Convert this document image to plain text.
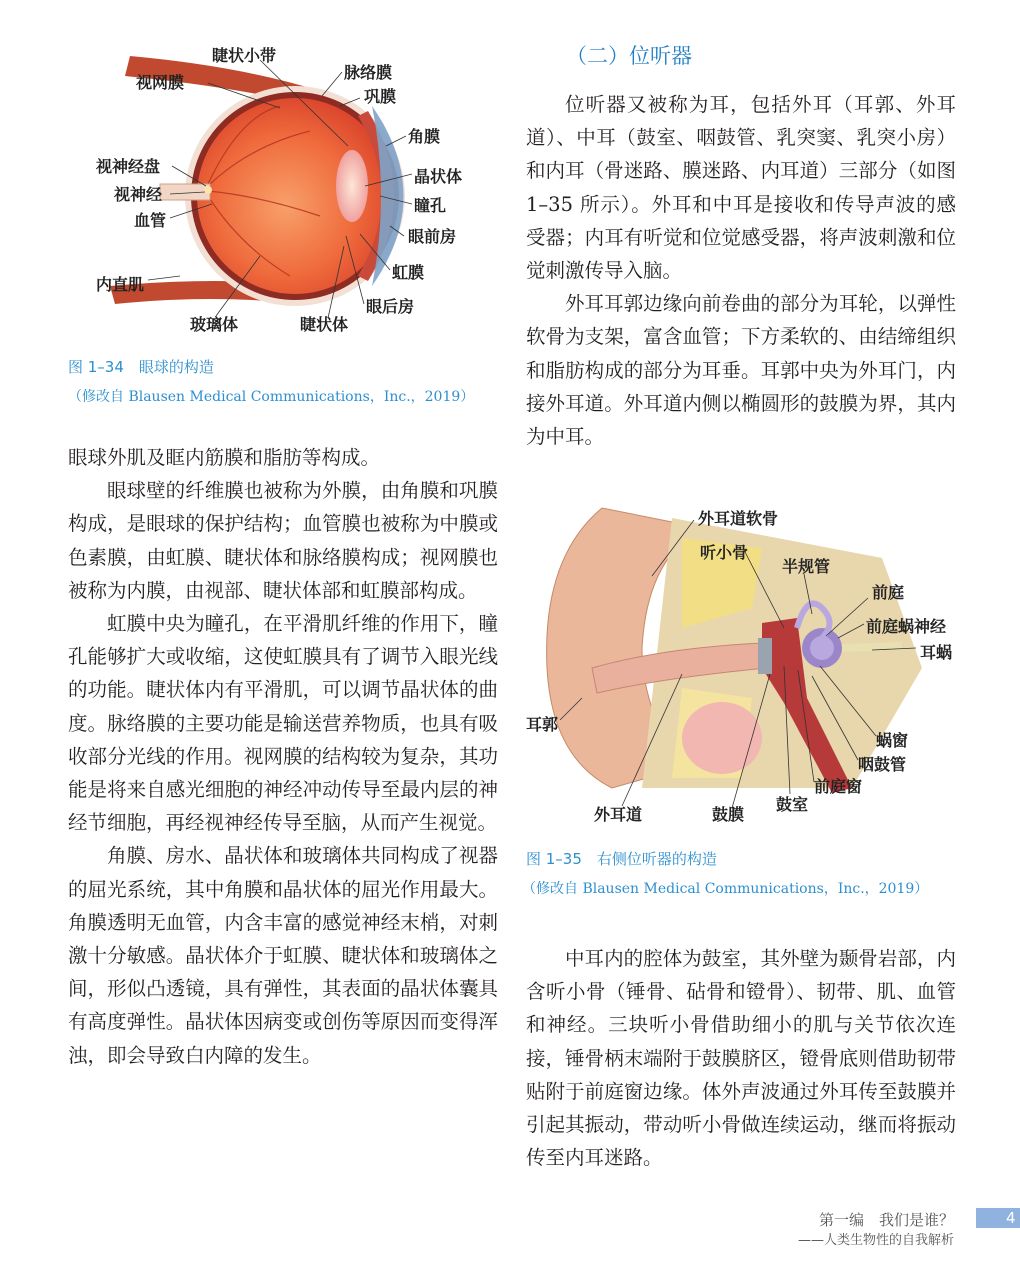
睫状小带
视网膜
脉络膜
巩膜
角膜
视神经盘
晶状体
视神经
瞳孔
血管
眼前房
虹膜
内直肌
眼后房
玻璃体	睫状体
图 1–34　眼球的构造
（修改自 Blausen Medical Communications，Inc.，2019）

眼球外肌及眶内筋膜和脂肪等构成。

眼球壁的纤维膜也被称为外膜，由角膜和巩膜构成，是眼球的保护结构；血管膜也被称为中膜或色素膜，由虹膜、睫状体和脉络膜构成；视网膜也被称为内膜，由视部、睫状体部和虹膜部构成。

虹膜中央为瞳孔，在平滑肌纤维的作用下，瞳孔能够扩大或收缩，这使虹膜具有了调节入眼光线的功能。睫状体内有平滑肌，可以调节晶状体的曲度。脉络膜的主要功能是输送营养物质，也具有吸收部分光线的作用。视网膜的结构较为复杂，其功能是将来自感光细胞的神经冲动传导至最内层的神经节细胞，再经视神经传导至脑，从而产生视觉。

角膜、房水、晶状体和玻璃体共同构成了视器的屈光系统，其中角膜和晶状体的屈光作用最大。角膜透明无血管，内含丰富的感觉神经末梢，对刺激十分敏感。晶状体介于虹膜、睫状体和玻璃体之间，形似凸透镜，具有弹性，其表面的晶状体囊具有高度弹性。晶状体因病变或创伤等原因而变得浑浊，即会导致白内障的发生。

（二）位听器

位听器又被称为耳，包括外耳（耳郭、外耳道）、中耳（鼓室、咽鼓管、乳突窦、乳突小房）和内耳（骨迷路、膜迷路、内耳道）三部分（如图 1–35 所示）。外耳和中耳是接收和传导声波的感受器；内耳有听觉和位觉感受器，将声波刺激和位觉刺激传导入脑。

外耳耳郭边缘向前卷曲的部分为耳轮，以弹性软骨为支架，富含血管；下方柔软的、由结缔组织和脂肪构成的部分为耳垂。耳郭中央为外耳门，内接外耳道。外耳道内侧以椭圆形的鼓膜为界，其内为中耳。

外耳道软骨
听小骨
半规管
前庭
前庭蜗神经
耳蜗
耳郭
蜗窗
咽鼓管
前庭窗
鼓室
外耳道	鼓膜
图 1–35　右侧位听器的构造
（修改自 Blausen Medical Communications，Inc.，2019）

中耳内的腔体为鼓室，其外壁为颞骨岩部，内含听小骨（锤骨、砧骨和镫骨）、韧带、肌、血管和神经。三块听小骨借助细小的肌与关节依次连接，锤骨柄末端附于鼓膜脐区，镫骨底则借助韧带贴附于前庭窗边缘。体外声波通过外耳传至鼓膜并引起其振动，带动听小骨做连续运动，继而将振动传至内耳迷路。

第一编　我们是谁？
——人类生物性的自我解析
4
